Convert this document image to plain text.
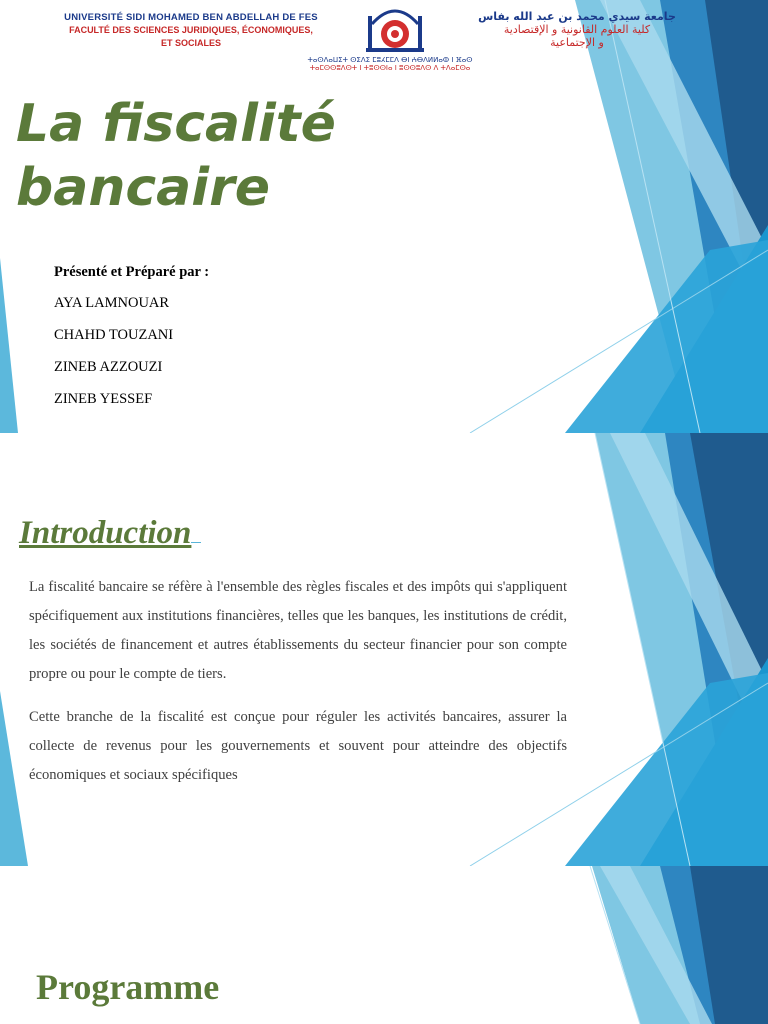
UNIVERSITÉ SIDI MOHAMED BEN ABDELLAH DE FES
FACULTÉ DES SCIENCES JURIDIQUES, ÉCONOMIQUES,
ET SOCIALES
جامعة سيدي محمد بن عبد الله بفاس
كلية العلوم القانونية و الإقتصادية
و الإجتماعية
ⵜⴰⵙⴷⴰⵡⵉⵜ ⵙⵉⴷⵉ ⵎⵓⵃⵎⵎⴷ ⴱⵏ ⵄⴱⴷⵍⵍⴰⵀ ⵏ ⴼⴰⵙ
ⵜⴰⵎⵙⵙⵓⴷⵙⵜ ⵏ ⵜⵓⵙⵙⵏⴰ ⵏ ⵓⵙⵙⵓⴷⵙ ⴷ ⵜⴷⴰⵎⵙⴰ
La fiscalité
bancaire
Présenté et Préparé par :
AYA LAMNOUAR
CHAHD TOUZANI
ZINEB AZZOUZI
ZINEB YESSEF
Introduction

La fiscalité bancaire se réfère à l'ensemble des règles fiscales et des impôts qui s'appliquent spécifiquement aux institutions financières, telles que les banques, les institutions de crédit, les sociétés de financement et autres établissements du secteur financier pour son compte propre ou pour le compte de tiers.

Cette branche de la fiscalité est conçue pour réguler les activités bancaires, assurer la collecte de revenus pour les gouvernements et souvent pour atteindre des objectifs économiques et sociaux spécifiques

Programme
